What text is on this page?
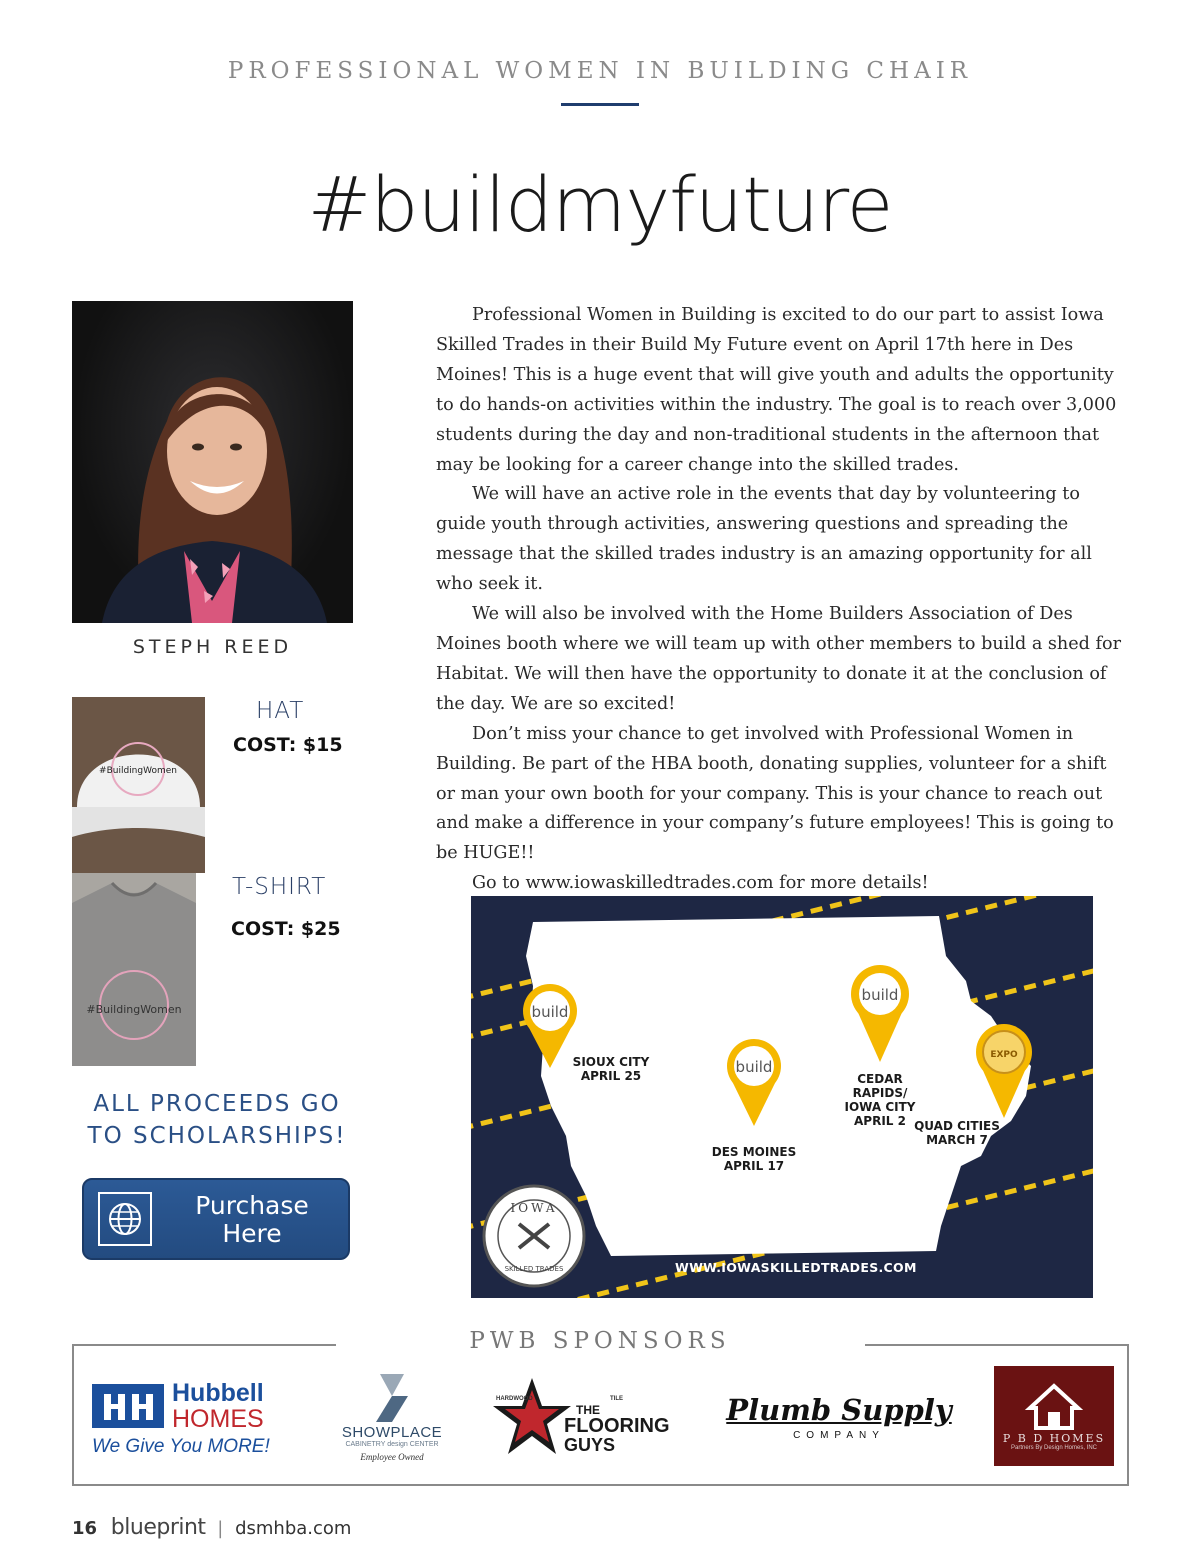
PROFESSIONAL WOMEN IN BUILDING CHAIR
#buildmyfuture
STEPH REED
#BuildingWomen
HAT
COST: $15
#BuildingWomen
T-SHIRT
COST: $25
ALL PROCEEDS GO
TO SCHOLARSHIPS!
Purchase
Here

Professional Women in Building is excited to do our part to assist Iowa Skilled Trades in their Build My Future event on April 17th here in Des Moines! This is a huge event that will give youth and adults the opportunity to do hands-on activities within the industry. The goal is to reach over 3,000 students during the day and non-traditional students in the afternoon that may be looking for a career change into the skilled trades.

We will have an active role in the events that day by volunteering to guide youth through activities, answering questions and spreading the message that the skilled trades industry is an amazing opportunity for all who seek it.

We will also be involved with the Home Builders Association of Des Moines booth where we will team up with other members to build a shed for Habitat. We will then have the opportunity to donate it at the conclusion of the day. We are so excited!

Don’t miss your chance to get involved with Professional Women in Building. Be part of the HBA booth, donating supplies, volunteer for a shift or man your own booth for your company. This is your chance to reach out and make a difference in your company’s future employees! This is going to be HUGE!!

Go to www.iowaskilledtrades.com for more details!

build
build
build
EXPO
IOWA
SKILLED TRADES
SIOUX CITY
APRIL 25
DES MOINES
APRIL 17
CEDAR RAPIDS/
IOWA CITY
APRIL 2 QUAD CITIES
MARCH 7
WWW.IOWASKILLEDTRADES.COM
Hubbell
HOMES
We Give You MORE!
SHOWPLACE
CABINETRY design CENTER
Employee Owned
HARDWOOD	TILE
THE
FLOORING
GUYS
Plumb Supply
COMPANY	P B D HOMES
Partners By Design Homes, INC
PWB SPONSORS
16 blueprint | dsmhba.com
